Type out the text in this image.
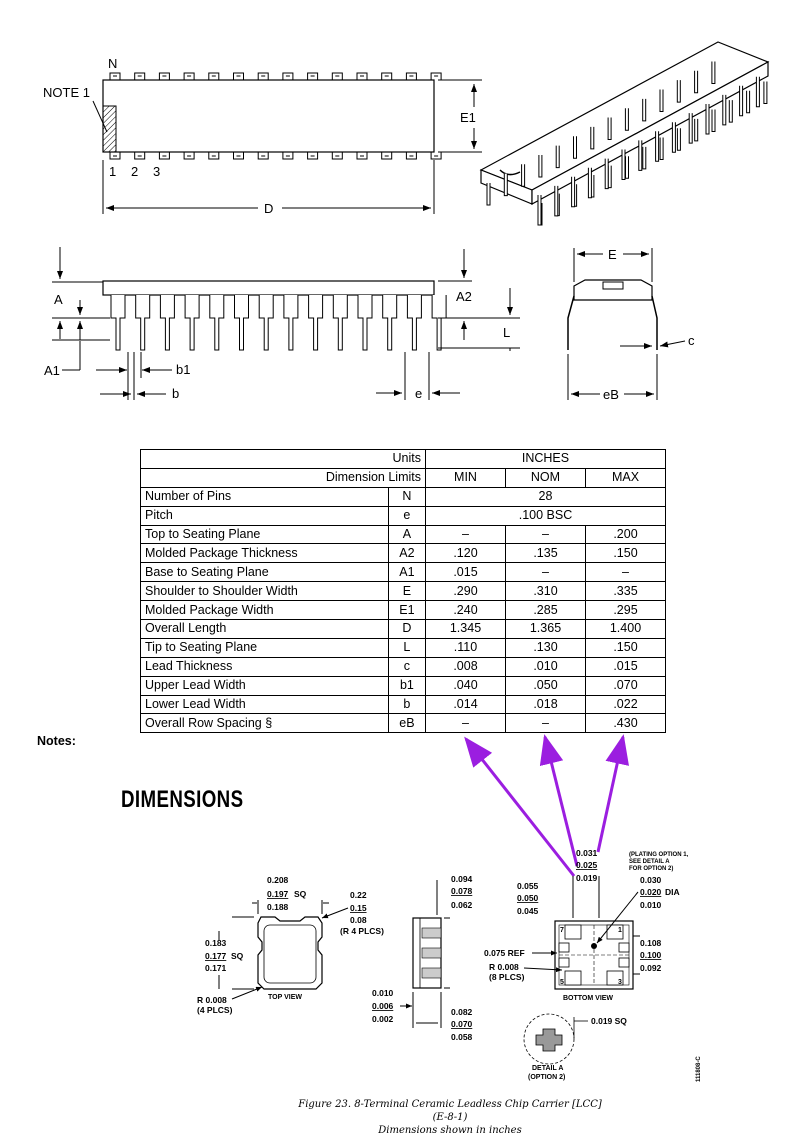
N
NOTE 1
1 2 3
E1
D
A
A1
A2
L
b1
b	e
E
c
eB
Units		INCHES		
Dimension Limits		MIN	NOM	MAX
Number of Pins	N	28		
Pitch	e	.100 BSC		
Top to Seating Plane	A	–	–	.200
Molded Package Thickness	A2	.120	.135	.150
Base to Seating Plane	A1	.015	–	–
Shoulder to Shoulder Width	E	.290	.310	.335
Molded Package Width	E1	.240	.285	.295
Overall Length	D	1.345	1.365	1.400
Tip to Seating Plane	L	.110	.130	.150
Lead Thickness	c	.008	.010	.015
Upper Lead Width	b1	.040	.050	.070
Lower Lead Width	b	.014	.018	.022
Overall Row Spacing §	eB	–	–	.430
Notes:
DIMENSIONS
0.208
0.197 SQ
0.188
0.22
0.15
0.08
(R 4 PLCS)
0.183
0.177 SQ
0.171
R 0.008
(4 PLCS)
TOP VIEW
0.094
0.078
0.062
0.010
0.006
0.002
0.082
0.070
0.058
7	1
5	3
0.031
0.025
0.019
(PLATING OPTION 1,
SEE DETAIL A
FOR OPTION 2)
0.030
0.020 DIA
0.010
0.055
0.050
0.045
0.075 REF
R 0.008
(8 PLCS)
0.108
0.100
0.092
BOTTOM VIEW
0.019 SQ
DETAIL A
(OPTION 2)	111808-C
Figure 23. 8-Terminal Ceramic Leadless Chip Carrier [LCC]
(E-8-1)
Dimensions shown in inches
